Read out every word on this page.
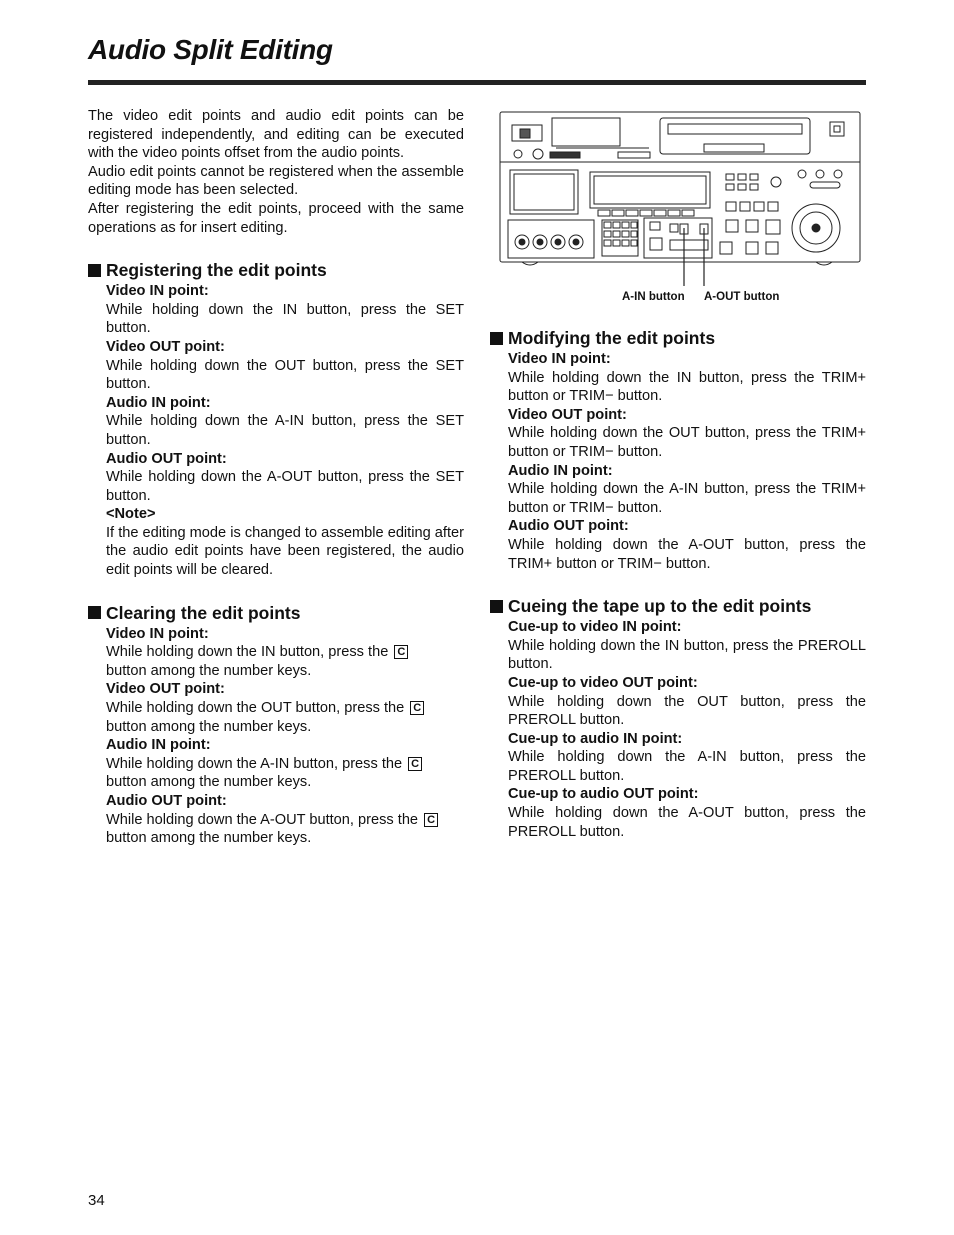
Audio Split Editing

The video edit points and audio edit points can be registered independently, and editing can be executed with the video points offset from the audio points.

Audio edit points cannot be registered when the assemble editing mode has been selected.

After registering the edit points, proceed with the same operations as for insert editing.

Registering the edit points
Video IN point:
While holding down the IN button, press the SET button.
Video OUT point:
While holding down the OUT button, press the SET button.
Audio IN point:
While holding down the A-IN button, press the SET button.
Audio OUT point:
While holding down the A-OUT button, press the SET button.
<Note>
If the editing mode is changed to assemble editing after the audio edit points have been registered, the audio edit points will be cleared.
Clearing the edit points
Video IN point:
While holding down the IN button, press the C
button among the number keys.
Video OUT point:
While holding down the OUT button, press the C
button among the number keys.
Audio IN point:
While holding down the A-IN button, press the C
button among the number keys.
Audio OUT point:
While holding down the A-OUT button, press the C
button among the number keys.
A-IN button A-OUT button
Modifying the edit points
Video IN point:
While holding down the IN button, press the TRIM+ button or TRIM− button.
Video OUT point:
While holding down the OUT button, press the TRIM+ button or TRIM− button.
Audio IN point:
While holding down the A-IN button, press the TRIM+ button or TRIM− button.
Audio OUT point:
While holding down the A-OUT button, press the TRIM+ button or TRIM− button.
Cueing the tape up to the edit points
Cue-up to video IN point:
While holding down the IN button, press the PREROLL button.
Cue-up to video OUT point:
While holding down the OUT button, press the PREROLL button.
Cue-up to audio IN point:
While holding down the A-IN button, press the PREROLL button.
Cue-up to audio OUT point:
While holding down the A-OUT button, press the PREROLL button.
34
